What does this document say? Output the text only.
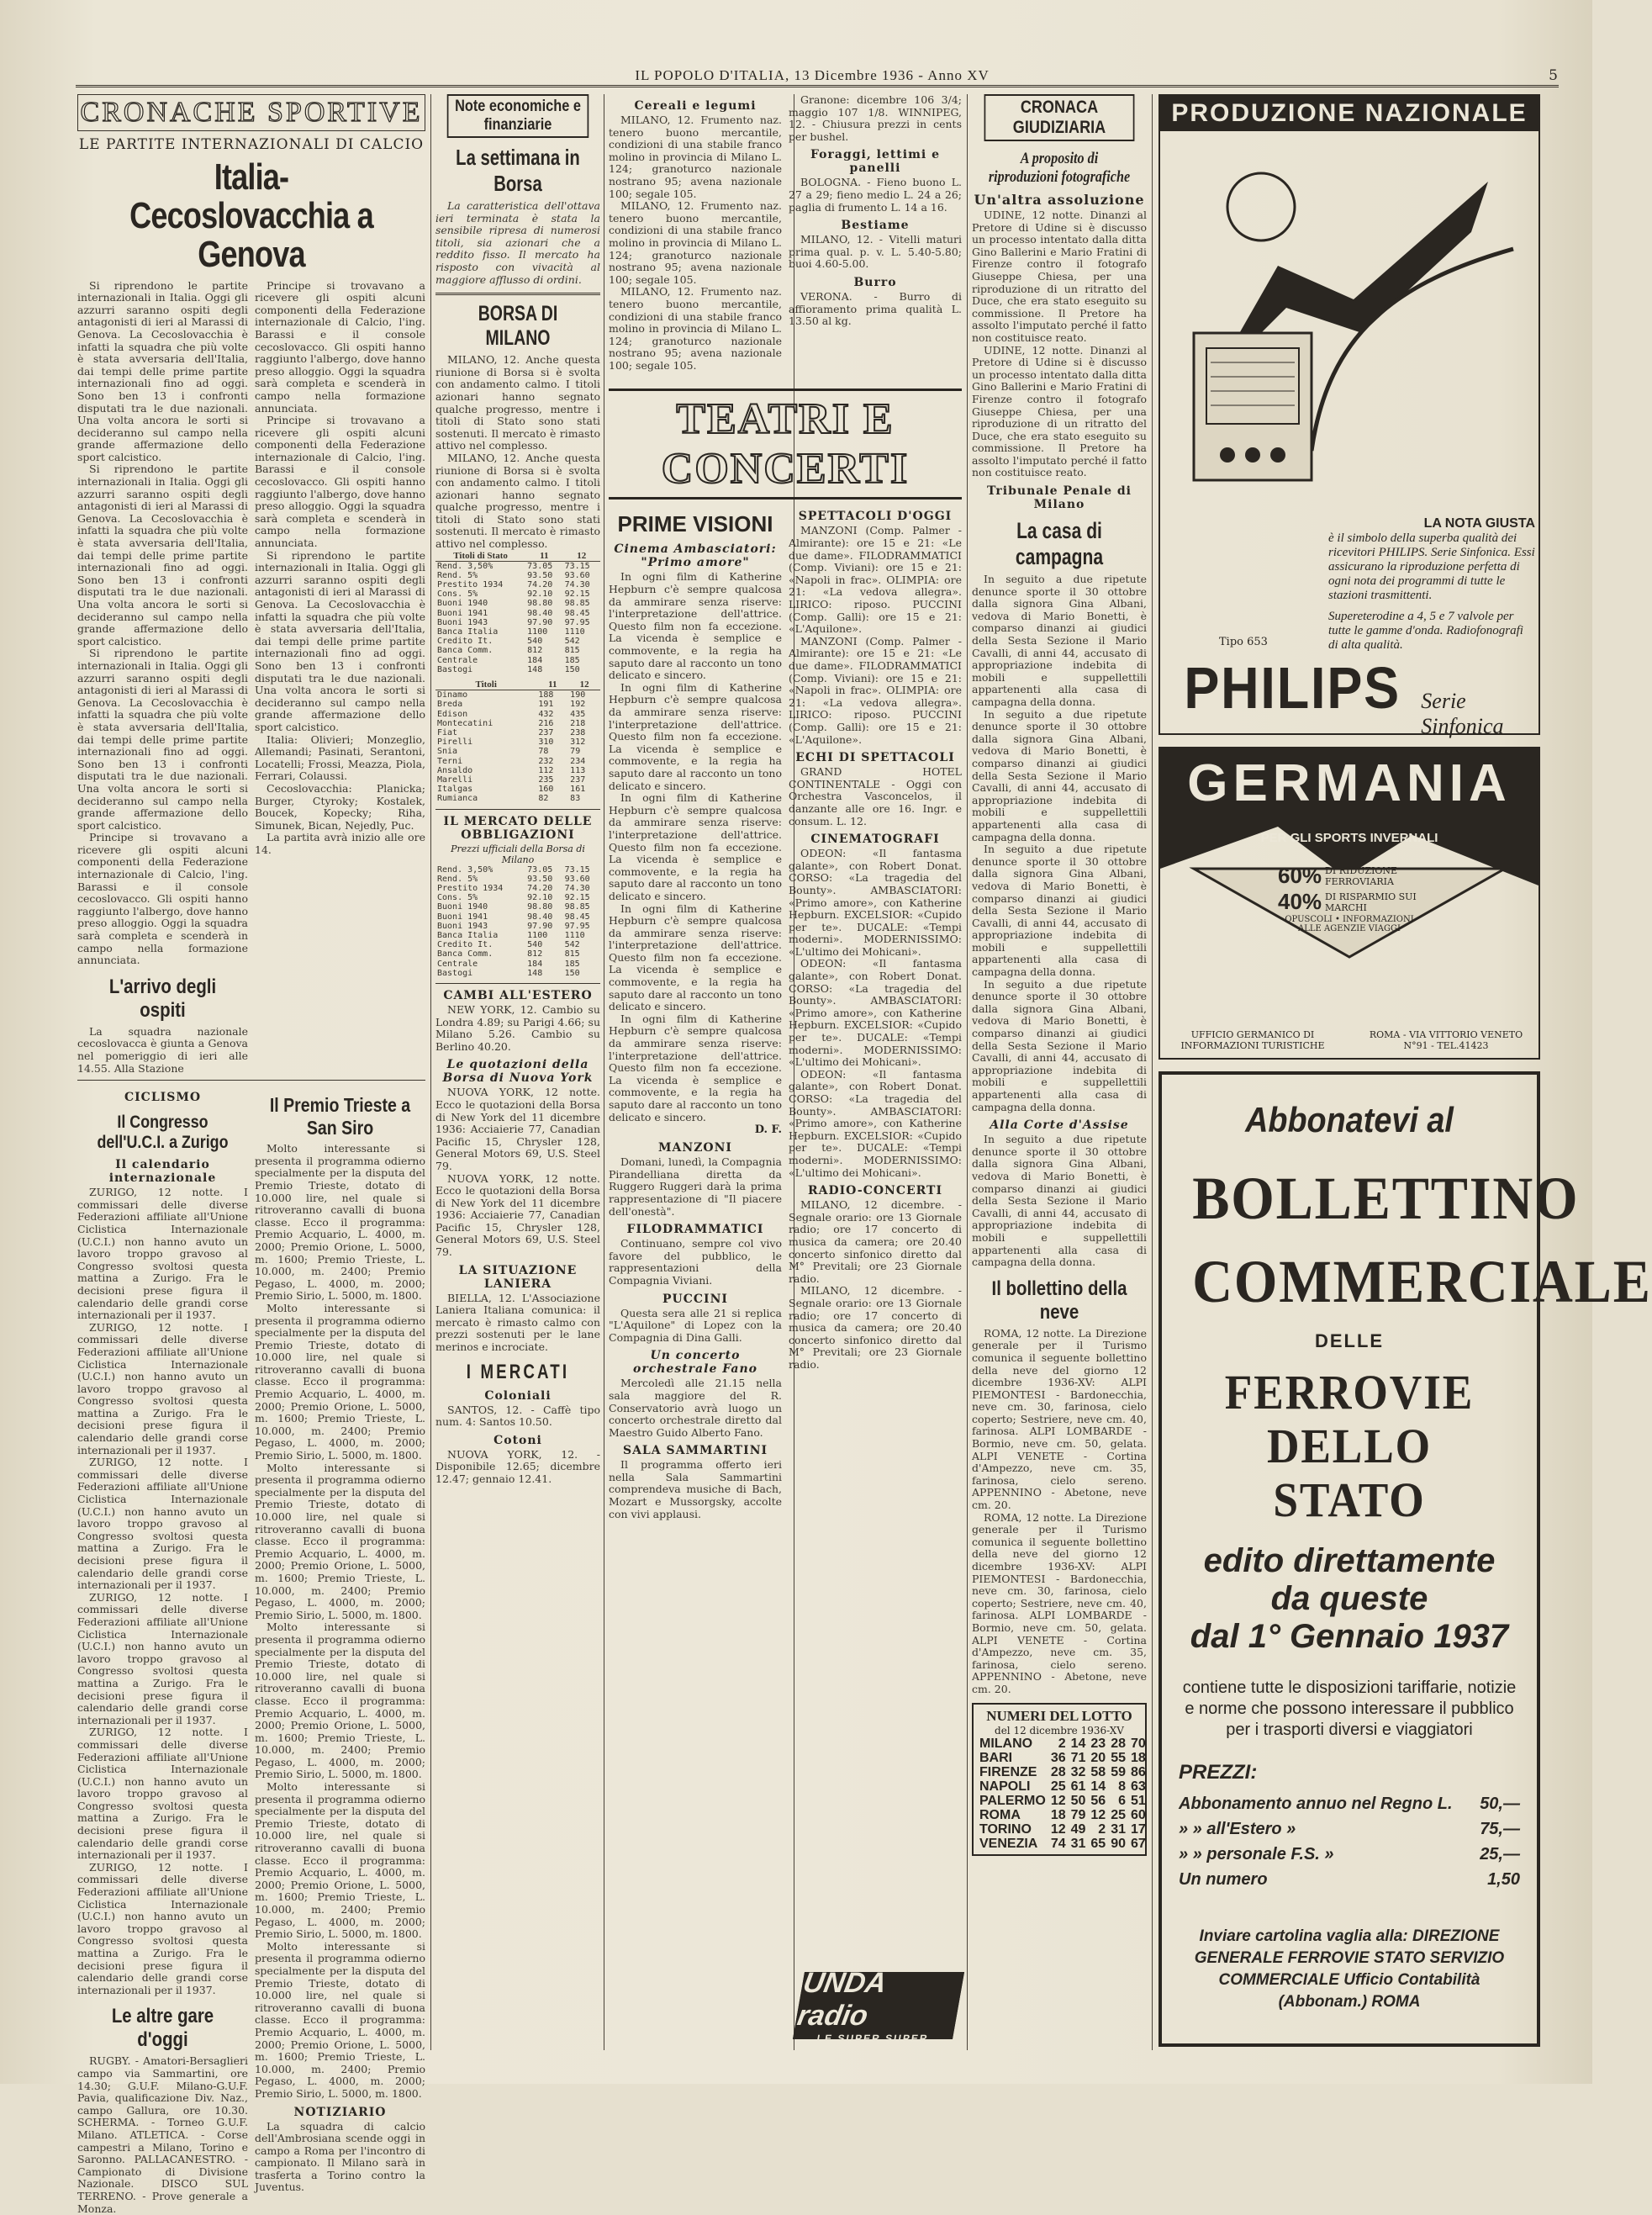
IL POPOLO D'ITALIA, 13 Dicembre 1936 - Anno XV	5
CRONACHE SPORTIVE
LE PARTITE INTERNAZIONALI DI CALCIO
Italia-Cecoslovacchia a Genova

Si riprendono le partite internazionali in Italia. Oggi gli azzurri saranno ospiti degli antagonisti di ieri al Marassi di Genova. La Cecoslovacchia è infatti la squadra che più volte è stata avversaria dell'Italia, dai tempi delle prime partite internazionali fino ad oggi. Sono ben 13 i confronti disputati tra le due nazionali. Una volta ancora le sorti si decideranno sul campo nella grande affermazione dello sport calcistico.

Si riprendono le partite internazionali in Italia. Oggi gli azzurri saranno ospiti degli antagonisti di ieri al Marassi di Genova. La Cecoslovacchia è infatti la squadra che più volte è stata avversaria dell'Italia, dai tempi delle prime partite internazionali fino ad oggi. Sono ben 13 i confronti disputati tra le due nazionali. Una volta ancora le sorti si decideranno sul campo nella grande affermazione dello sport calcistico.

Si riprendono le partite internazionali in Italia. Oggi gli azzurri saranno ospiti degli antagonisti di ieri al Marassi di Genova. La Cecoslovacchia è infatti la squadra che più volte è stata avversaria dell'Italia, dai tempi delle prime partite internazionali fino ad oggi. Sono ben 13 i confronti disputati tra le due nazionali. Una volta ancora le sorti si decideranno sul campo nella grande affermazione dello sport calcistico.

Principe si trovavano a ricevere gli ospiti alcuni componenti della Federazione internazionale di Calcio, l'ing. Barassi e il console cecoslovacco. Gli ospiti hanno raggiunto l'albergo, dove hanno preso alloggio. Oggi la squadra sarà completa e scenderà in campo nella formazione annunciata.

L'arrivo degli ospiti

La squadra nazionale cecoslovacca è giunta a Genova nel pomeriggio di ieri alle 14.55. Alla Stazione

Principe si trovavano a ricevere gli ospiti alcuni componenti della Federazione internazionale di Calcio, l'ing. Barassi e il console cecoslovacco. Gli ospiti hanno raggiunto l'albergo, dove hanno preso alloggio. Oggi la squadra sarà completa e scenderà in campo nella formazione annunciata.

Principe si trovavano a ricevere gli ospiti alcuni componenti della Federazione internazionale di Calcio, l'ing. Barassi e il console cecoslovacco. Gli ospiti hanno raggiunto l'albergo, dove hanno preso alloggio. Oggi la squadra sarà completa e scenderà in campo nella formazione annunciata.

Si riprendono le partite internazionali in Italia. Oggi gli azzurri saranno ospiti degli antagonisti di ieri al Marassi di Genova. La Cecoslovacchia è infatti la squadra che più volte è stata avversaria dell'Italia, dai tempi delle prime partite internazionali fino ad oggi. Sono ben 13 i confronti disputati tra le due nazionali. Una volta ancora le sorti si decideranno sul campo nella grande affermazione dello sport calcistico.

Italia: Olivieri; Monzeglio, Allemandi; Pasinati, Serantoni, Locatelli; Frossi, Meazza, Piola, Ferrari, Colaussi.

Cecoslovacchia: Planicka; Burger, Ctyroky; Kostalek, Boucek, Kopecky; Riha, Simunek, Bican, Nejedly, Puc.

La partita avrà inizio alle ore 14.

CICLISMO
Il Congresso dell'U.C.I. a Zurigo
Il calendario internazionale

ZURIGO, 12 notte. I commissari delle diverse Federazioni affiliate all'Unione Ciclistica Internazionale (U.C.I.) non hanno avuto un lavoro troppo gravoso al Congresso svoltosi questa mattina a Zurigo. Fra le decisioni prese figura il calendario delle grandi corse internazionali per il 1937.

ZURIGO, 12 notte. I commissari delle diverse Federazioni affiliate all'Unione Ciclistica Internazionale (U.C.I.) non hanno avuto un lavoro troppo gravoso al Congresso svoltosi questa mattina a Zurigo. Fra le decisioni prese figura il calendario delle grandi corse internazionali per il 1937.

ZURIGO, 12 notte. I commissari delle diverse Federazioni affiliate all'Unione Ciclistica Internazionale (U.C.I.) non hanno avuto un lavoro troppo gravoso al Congresso svoltosi questa mattina a Zurigo. Fra le decisioni prese figura il calendario delle grandi corse internazionali per il 1937.

ZURIGO, 12 notte. I commissari delle diverse Federazioni affiliate all'Unione Ciclistica Internazionale (U.C.I.) non hanno avuto un lavoro troppo gravoso al Congresso svoltosi questa mattina a Zurigo. Fra le decisioni prese figura il calendario delle grandi corse internazionali per il 1937.

ZURIGO, 12 notte. I commissari delle diverse Federazioni affiliate all'Unione Ciclistica Internazionale (U.C.I.) non hanno avuto un lavoro troppo gravoso al Congresso svoltosi questa mattina a Zurigo. Fra le decisioni prese figura il calendario delle grandi corse internazionali per il 1937.

ZURIGO, 12 notte. I commissari delle diverse Federazioni affiliate all'Unione Ciclistica Internazionale (U.C.I.) non hanno avuto un lavoro troppo gravoso al Congresso svoltosi questa mattina a Zurigo. Fra le decisioni prese figura il calendario delle grandi corse internazionali per il 1937.

Le altre gare d'oggi

RUGBY. - Amatori-Bersaglieri campo via Sammartini, ore 14.30; G.U.F. Milano-G.U.F. Pavia, qualificazione Div. Naz., campo Gallura, ore 10.30. SCHERMA. - Torneo G.U.F. Milano. ATLETICA. - Corse campestri a Milano, Torino e Saronno. PALLACANESTRO. - Campionato di Divisione Nazionale. DISCO SUL TERRENO. - Prove generale a Monza.

Il Premio Trieste a San Siro

Molto interessante si presenta il programma odierno specialmente per la disputa del Premio Trieste, dotato di 10.000 lire, nel quale si ritroveranno cavalli di buona classe. Ecco il programma: Premio Acquario, L. 4000, m. 2000; Premio Orione, L. 5000, m. 1600; Premio Trieste, L. 10.000, m. 2400; Premio Pegaso, L. 4000, m. 2000; Premio Sirio, L. 5000, m. 1800.

Molto interessante si presenta il programma odierno specialmente per la disputa del Premio Trieste, dotato di 10.000 lire, nel quale si ritroveranno cavalli di buona classe. Ecco il programma: Premio Acquario, L. 4000, m. 2000; Premio Orione, L. 5000, m. 1600; Premio Trieste, L. 10.000, m. 2400; Premio Pegaso, L. 4000, m. 2000; Premio Sirio, L. 5000, m. 1800.

Molto interessante si presenta il programma odierno specialmente per la disputa del Premio Trieste, dotato di 10.000 lire, nel quale si ritroveranno cavalli di buona classe. Ecco il programma: Premio Acquario, L. 4000, m. 2000; Premio Orione, L. 5000, m. 1600; Premio Trieste, L. 10.000, m. 2400; Premio Pegaso, L. 4000, m. 2000; Premio Sirio, L. 5000, m. 1800.

Molto interessante si presenta il programma odierno specialmente per la disputa del Premio Trieste, dotato di 10.000 lire, nel quale si ritroveranno cavalli di buona classe. Ecco il programma: Premio Acquario, L. 4000, m. 2000; Premio Orione, L. 5000, m. 1600; Premio Trieste, L. 10.000, m. 2400; Premio Pegaso, L. 4000, m. 2000; Premio Sirio, L. 5000, m. 1800.

Molto interessante si presenta il programma odierno specialmente per la disputa del Premio Trieste, dotato di 10.000 lire, nel quale si ritroveranno cavalli di buona classe. Ecco il programma: Premio Acquario, L. 4000, m. 2000; Premio Orione, L. 5000, m. 1600; Premio Trieste, L. 10.000, m. 2400; Premio Pegaso, L. 4000, m. 2000; Premio Sirio, L. 5000, m. 1800.

Molto interessante si presenta il programma odierno specialmente per la disputa del Premio Trieste, dotato di 10.000 lire, nel quale si ritroveranno cavalli di buona classe. Ecco il programma: Premio Acquario, L. 4000, m. 2000; Premio Orione, L. 5000, m. 1600; Premio Trieste, L. 10.000, m. 2400; Premio Pegaso, L. 4000, m. 2000; Premio Sirio, L. 5000, m. 1800.

NOTIZIARIO

La squadra di calcio dell'Ambrosiana scende oggi in campo a Roma per l'incontro di campionato. Il Milano sarà in trasferta a Torino contro la Juventus.

Note economiche e finanziarie
La settimana in Borsa

La caratteristica dell'ottava ieri terminata è stata la sensibile ripresa di numerosi titoli, sia azionari che a reddito fisso. Il mercato ha risposto con vivacità al maggiore afflusso di ordini.

BORSA DI MILANO

MILANO, 12. Anche questa riunione di Borsa si è svolta con andamento calmo. I titoli azionari hanno segnato qualche progresso, mentre i titoli di Stato sono stati sostenuti. Il mercato è rimasto attivo nel complesso.

MILANO, 12. Anche questa riunione di Borsa si è svolta con andamento calmo. I titoli azionari hanno segnato qualche progresso, mentre i titoli di Stato sono stati sostenuti. Il mercato è rimasto attivo nel complesso.

Titoli di Stato	11	12
Rend. 3,50%	73.05	73.15
Rend. 5%	93.50	93.60
Prestito 1934	74.20	74.30
Cons. 5%	92.10	92.15
Buoni 1940	98.80	98.85
Buoni 1941	98.40	98.45
Buoni 1943	97.90	97.95
Banca Italia	1100	1110
Credito It.	540	542
Banca Comm.	812	815
Centrale	184	185
Bastogi	148	150
Titoli	11	12
Dinamo	188	190
Breda	191	192
Edison	432	435
Montecatini	216	218
Fiat	237	238
Pirelli	310	312
Snia	78	79
Terni	232	234
Ansaldo	112	113
Marelli	235	237
Italgas	160	161
Rumianca	82	83
IL MERCATO DELLE OBBLIGAZIONI
Prezzi ufficiali della Borsa di Milano
Rend. 3,50%	73.05	73.15
Rend. 5%	93.50	93.60
Prestito 1934	74.20	74.30
Cons. 5%	92.10	92.15
Buoni 1940	98.80	98.85
Buoni 1941	98.40	98.45
Buoni 1943	97.90	97.95
Banca Italia	1100	1110
Credito It.	540	542
Banca Comm.	812	815
Centrale	184	185
Bastogi	148	150
CAMBI ALL'ESTERO

NEW YORK, 12. Cambio su Londra 4.89; su Parigi 4.66; su Milano 5.26. Cambio su Berlino 40.20.

Le quotazioni della Borsa di Nuova York

NUOVA YORK, 12 notte. Ecco le quotazioni della Borsa di New York del 11 dicembre 1936: Acciaierie 77, Canadian Pacific 15, Chrysler 128, General Motors 69, U.S. Steel 79.

NUOVA YORK, 12 notte. Ecco le quotazioni della Borsa di New York del 11 dicembre 1936: Acciaierie 77, Canadian Pacific 15, Chrysler 128, General Motors 69, U.S. Steel 79.

LA SITUAZIONE LANIERA

BIELLA, 12. L'Associazione Laniera Italiana comunica: il mercato è rimasto calmo con prezzi sostenuti per le lane merinos e incrociate.

I MERCATI
Coloniali

SANTOS, 12. - Caffè tipo num. 4: Santos 10.50.

Cotoni

NUOVA YORK, 12. - Disponibile 12.65; dicembre 12.47; gennaio 12.41.

Cereali e legumi

MILANO, 12. Frumento naz. tenero buono mercantile, condizioni di una stabile franco molino in provincia di Milano L. 124; granoturco nazionale nostrano 95; avena nazionale 100; segale 105.

MILANO, 12. Frumento naz. tenero buono mercantile, condizioni di una stabile franco molino in provincia di Milano L. 124; granoturco nazionale nostrano 95; avena nazionale 100; segale 105.

MILANO, 12. Frumento naz. tenero buono mercantile, condizioni di una stabile franco molino in provincia di Milano L. 124; granoturco nazionale nostrano 95; avena nazionale 100; segale 105.

Granone: dicembre 106 3/4; maggio 107 1/8. WINNIPEG, 12. - Chiusura prezzi in cents per bushel.

Foraggi, lettimi e panelli

BOLOGNA. - Fieno buono L. 27 a 29; fieno medio L. 24 a 26; paglia di frumento L. 14 a 16.

Bestiame

MILANO, 12. - Vitelli maturi prima qual. p. v. L. 5.40-5.80; buoi 4.60-5.00.

Burro

VERONA. - Burro di affioramento prima qualità L. 13.50 al kg.

TEATRI E CONCERTI
PRIME VISIONI
Cinema Ambasciatori: "Primo amore"

In ogni film di Katherine Hepburn c'è sempre qualcosa da ammirare senza riserve: l'interpretazione dell'attrice. Questo film non fa eccezione. La vicenda è semplice e commovente, e la regia ha saputo dare al racconto un tono delicato e sincero.

In ogni film di Katherine Hepburn c'è sempre qualcosa da ammirare senza riserve: l'interpretazione dell'attrice. Questo film non fa eccezione. La vicenda è semplice e commovente, e la regia ha saputo dare al racconto un tono delicato e sincero.

In ogni film di Katherine Hepburn c'è sempre qualcosa da ammirare senza riserve: l'interpretazione dell'attrice. Questo film non fa eccezione. La vicenda è semplice e commovente, e la regia ha saputo dare al racconto un tono delicato e sincero.

In ogni film di Katherine Hepburn c'è sempre qualcosa da ammirare senza riserve: l'interpretazione dell'attrice. Questo film non fa eccezione. La vicenda è semplice e commovente, e la regia ha saputo dare al racconto un tono delicato e sincero.

In ogni film di Katherine Hepburn c'è sempre qualcosa da ammirare senza riserve: l'interpretazione dell'attrice. Questo film non fa eccezione. La vicenda è semplice e commovente, e la regia ha saputo dare al racconto un tono delicato e sincero.

D. F.
MANZONI

Domani, lunedì, la Compagnia Pirandelliana diretta da Ruggero Ruggeri darà la prima rappresentazione di "Il piacere dell'onestà".

FILODRAMMATICI

Continuano, sempre col vivo favore del pubblico, le rappresentazioni della Compagnia Viviani.

PUCCINI

Questa sera alle 21 si replica "L'Aquilone" di Lopez con la Compagnia di Dina Galli.

Un concerto orchestrale Fano

Mercoledì alle 21.15 nella sala maggiore del R. Conservatorio avrà luogo un concerto orchestrale diretto dal Maestro Guido Alberto Fano.

SALA SAMMARTINI

Il programma offerto ieri nella Sala Sammartini comprendeva musiche di Bach, Mozart e Mussorgsky, accolte con vivi applausi.

SPETTACOLI D'OGGI

MANZONI (Comp. Palmer - Almirante): ore 15 e 21: «Le due dame». FILODRAMMATICI (Comp. Viviani): ore 15 e 21: «Napoli in frac». OLIMPIA: ore 21: «La vedova allegra». LIRICO: riposo. PUCCINI (Comp. Galli): ore 15 e 21: «L'Aquilone».

MANZONI (Comp. Palmer - Almirante): ore 15 e 21: «Le due dame». FILODRAMMATICI (Comp. Viviani): ore 15 e 21: «Napoli in frac». OLIMPIA: ore 21: «La vedova allegra». LIRICO: riposo. PUCCINI (Comp. Galli): ore 15 e 21: «L'Aquilone».

ECHI DI SPETTACOLI

GRAND HOTEL CONTINENTALE - Oggi con Orchestra Vasconcelos, il danzante alle ore 16. Ingr. e consum. L. 12.

CINEMATOGRAFI

ODEON: «Il fantasma galante», con Robert Donat. CORSO: «La tragedia del Bounty». AMBASCIATORI: «Primo amore», con Katherine Hepburn. EXCELSIOR: «Cupido per te». DUCALE: «Tempi moderni». MODERNISSIMO: «L'ultimo dei Mohicani».

ODEON: «Il fantasma galante», con Robert Donat. CORSO: «La tragedia del Bounty». AMBASCIATORI: «Primo amore», con Katherine Hepburn. EXCELSIOR: «Cupido per te». DUCALE: «Tempi moderni». MODERNISSIMO: «L'ultimo dei Mohicani».

ODEON: «Il fantasma galante», con Robert Donat. CORSO: «La tragedia del Bounty». AMBASCIATORI: «Primo amore», con Katherine Hepburn. EXCELSIOR: «Cupido per te». DUCALE: «Tempi moderni». MODERNISSIMO: «L'ultimo dei Mohicani».

RADIO-CONCERTI

MILANO, 12 dicembre. - Segnale orario: ore 13 Giornale radio; ore 17 concerto di musica da camera; ore 20.40 concerto sinfonico diretto dal M° Previtali; ore 23 Giornale radio.

MILANO, 12 dicembre. - Segnale orario: ore 13 Giornale radio; ore 17 concerto di musica da camera; ore 20.40 concerto sinfonico diretto dal M° Previtali; ore 23 Giornale radio.

UNDA radio
LE SUPER SUPER
CRONACA GIUDIZIARIA
A proposito di riproduzioni fotografiche
Un'altra assoluzione

UDINE, 12 notte. Dinanzi al Pretore di Udine si è discusso un processo intentato dalla ditta Gino Ballerini e Mario Fratini di Firenze contro il fotografo Giuseppe Chiesa, per una riproduzione di un ritratto del Duce, che era stato eseguito su commissione. Il Pretore ha assolto l'imputato perché il fatto non costituisce reato.

UDINE, 12 notte. Dinanzi al Pretore di Udine si è discusso un processo intentato dalla ditta Gino Ballerini e Mario Fratini di Firenze contro il fotografo Giuseppe Chiesa, per una riproduzione di un ritratto del Duce, che era stato eseguito su commissione. Il Pretore ha assolto l'imputato perché il fatto non costituisce reato.

Tribunale Penale di Milano
La casa di campagna

In seguito a due ripetute denunce sporte il 30 ottobre dalla signora Gina Albani, vedova di Mario Bonetti, è comparso dinanzi ai giudici della Sesta Sezione il Mario Cavalli, di anni 44, accusato di appropriazione indebita di mobili e suppellettili appartenenti alla casa di campagna della donna.

In seguito a due ripetute denunce sporte il 30 ottobre dalla signora Gina Albani, vedova di Mario Bonetti, è comparso dinanzi ai giudici della Sesta Sezione il Mario Cavalli, di anni 44, accusato di appropriazione indebita di mobili e suppellettili appartenenti alla casa di campagna della donna.

In seguito a due ripetute denunce sporte il 30 ottobre dalla signora Gina Albani, vedova di Mario Bonetti, è comparso dinanzi ai giudici della Sesta Sezione il Mario Cavalli, di anni 44, accusato di appropriazione indebita di mobili e suppellettili appartenenti alla casa di campagna della donna.

In seguito a due ripetute denunce sporte il 30 ottobre dalla signora Gina Albani, vedova di Mario Bonetti, è comparso dinanzi ai giudici della Sesta Sezione il Mario Cavalli, di anni 44, accusato di appropriazione indebita di mobili e suppellettili appartenenti alla casa di campagna della donna.

Alla Corte d'Assise

In seguito a due ripetute denunce sporte il 30 ottobre dalla signora Gina Albani, vedova di Mario Bonetti, è comparso dinanzi ai giudici della Sesta Sezione il Mario Cavalli, di anni 44, accusato di appropriazione indebita di mobili e suppellettili appartenenti alla casa di campagna della donna.

Il bollettino della neve

ROMA, 12 notte. La Direzione generale per il Turismo comunica il seguente bollettino della neve del giorno 12 dicembre 1936-XV: ALPI PIEMONTESI - Bardonecchia, neve cm. 30, farinosa, cielo coperto; Sestriere, neve cm. 40, farinosa. ALPI LOMBARDE - Bormio, neve cm. 50, gelata. ALPI VENETE - Cortina d'Ampezzo, neve cm. 35, farinosa, cielo sereno. APPENNINO - Abetone, neve cm. 20.

ROMA, 12 notte. La Direzione generale per il Turismo comunica il seguente bollettino della neve del giorno 12 dicembre 1936-XV: ALPI PIEMONTESI - Bardonecchia, neve cm. 30, farinosa, cielo coperto; Sestriere, neve cm. 40, farinosa. ALPI LOMBARDE - Bormio, neve cm. 50, gelata. ALPI VENETE - Cortina d'Ampezzo, neve cm. 35, farinosa, cielo sereno. APPENNINO - Abetone, neve cm. 20.

NUMERI DEL LOTTO
del 12 dicembre 1936-XV
MILANO	2	14	23	28	70
BARI	36	71	20	55	18
FIRENZE	28	32	58	59	86
NAPOLI	25	61	14	8	63
PALERMO	12	50	56	6	51
ROMA	18	79	12	25	60
TORINO	12	49	2	31	17
VENEZIA	74	31	65	90	67
PRODUZIONE NAZIONALE
LA NOTA GIUSTA

è il simbolo della superba qualità dei ricevitori PHILIPS. Serie Sinfonica. Essi assicurano la riproduzione perfetta di ogni nota dei programmi di tutte le stazioni trasmittenti.

Supereterodine a 4, 5 e 7 valvole per tutte le gamme d'onda. Radiofonografi di alta qualità.

Tipo 653
PHILIPS Serie Sinfonica
GERMANIA
PER GLI SPORTS INVERNALI
60% DI RIDUZIONE FERROVIARIA
40% DI RISPARMIO SUI MARCHI
OPUSCOLI • INFORMAZIONI ALLE AGENZIE VIAGGI
UFFICIO GERMANICO DI INFORMAZIONI TURISTICHE
ROMA - VIA VITTORIO VENETO N°91 - TEL.41423
Abbonatevi al
BOLLETTINO
COMMERCIALE
DELLE
FERROVIE DELLO STATO
edito direttamente
da queste
dal 1° Gennaio 1937

contiene tutte le disposizioni tariffarie, notizie e norme che possono interessare il pubblico per i trasporti diversi e viaggiatori

PREZZI:
Abbonamento annuo nel Regno L. 50,—
» » all'Estero »	75,—
» » personale F.S. »	25,—
Un numero	1,50

Inviare cartolina vaglia alla: DIREZIONE GENERALE FERROVIE STATO SERVIZIO COMMERCIALE Ufficio Contabilità (Abbonam.) ROMA
